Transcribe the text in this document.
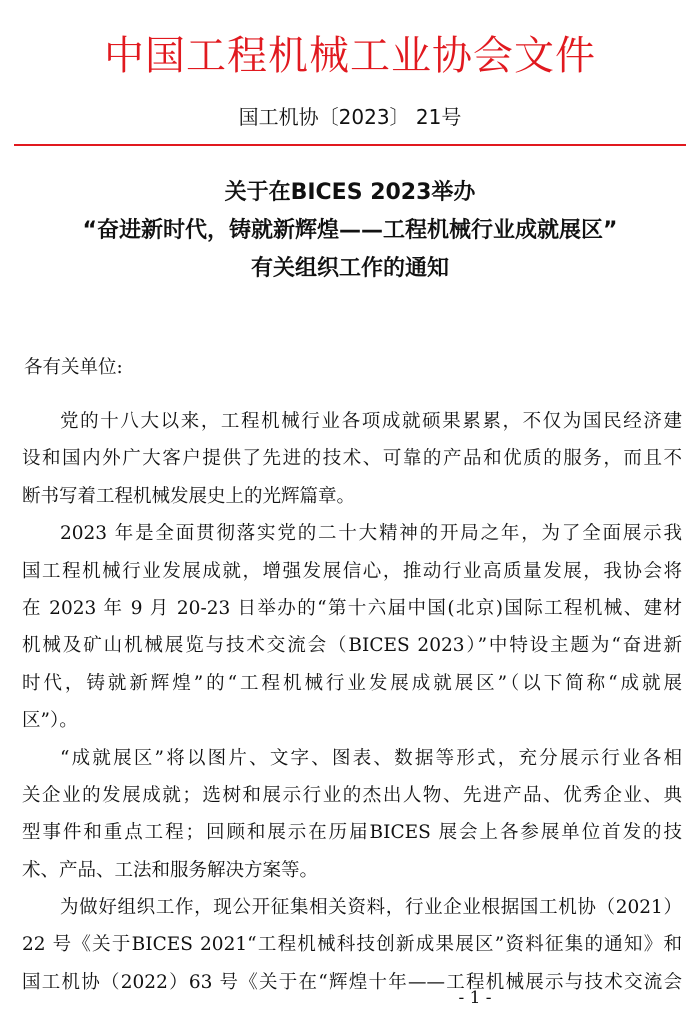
中国工程机械工业协会文件
国工机协〔2023〕 21号
关于在BICES 2023举办
“奋进新时代，铸就新辉煌——工程机械行业成就展区”
有关组织工作的通知
各有关单位:
党的十八大以来，工程机械行业各项成就硕果累累，不仅为国民经济建
设和国内外广大客户提供了先进的技术、可靠的产品和优质的服务，而且不
断书写着工程机械发展史上的光辉篇章。
2023 年是全面贯彻落实党的二十大精神的开局之年，为了全面展示我
国工程机械行业发展成就，增强发展信心，推动行业高质量发展，我协会将
在 2023 年 9 月 20-23 日举办的“第十六届中国(北京)国际工程机械、建材
机械及矿山机械展览与技术交流会（BICES 2023）”中特设主题为“奋进新
时代，铸就新辉煌”的“工程机械行业发展成就展区”（以下简称“成就展
区”）。
“成就展区”将以图片、文字、图表、数据等形式，充分展示行业各相
关企业的发展成就；选树和展示行业的杰出人物、先进产品、优秀企业、典
型事件和重点工程；回顾和展示在历届BICES 展会上各参展单位首发的技
术、产品、工法和服务解决方案等。
为做好组织工作，现公开征集相关资料，行业企业根据国工机协（2021）
22 号《关于BICES 2021“工程机械科技创新成果展区”资料征集的通知》和
国工机协（2022）63 号《关于在“辉煌十年——工程机械展示与技术交流会
- 1 -
